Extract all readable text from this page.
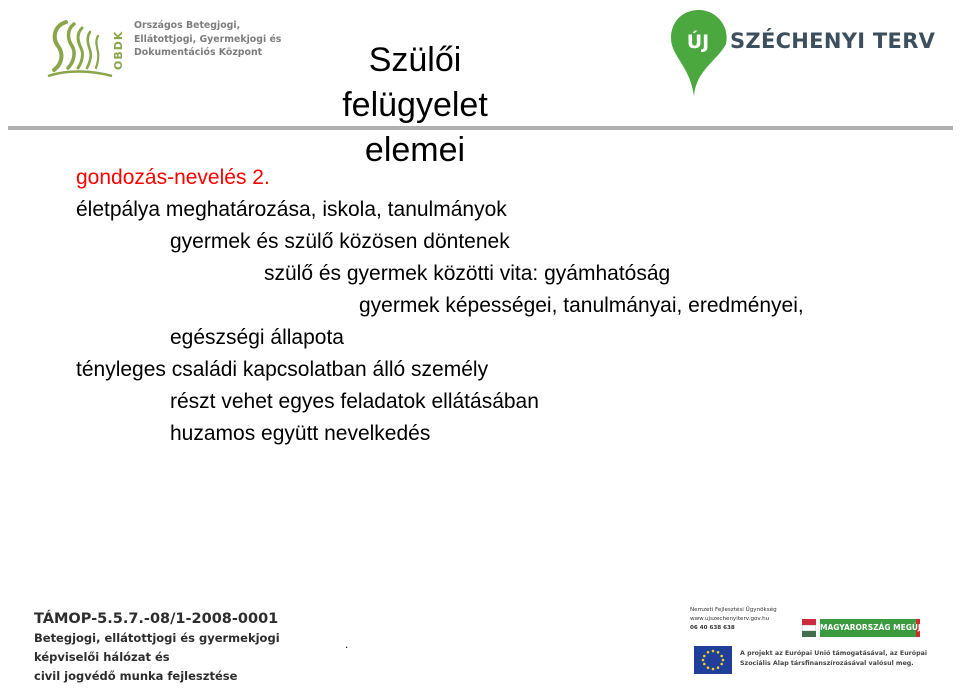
OBDK
Országos Betegjogi,
Ellátottjogi, Gyermekjogi és
Dokumentációs Központ	Szülői felügyelet
elemei
ÚJ SZÉCHENYI TERV
gondozás-nevelés 2.
életpálya meghatározása, iskola, tanulmányok
gyermek és szülő közösen döntenek
szülő és gyermek közötti vita: gyámhatóság
gyermek képességei, tanulmányai, eredményei,
egészségi állapota
tényleges családi kapcsolatban álló személy
részt vehet egyes feladatok ellátásában
huzamos együtt nevelkedés
TÁMOP-5.5.7.-08/1-2008-0001
Betegjogi, ellátottjogi és gyermekjogi
képviselői hálózat és
civil jogvédő munka fejlesztése
.
Nemzeti Fejlesztési Ügynökség
www.ujszechenyiterv.gov.hu
06 40 638 638	MAGYARORSZÁG MEGÚJUL
A projekt az Európai Unió támogatásával, az Európai
Szociális Alap társfinanszírozásával valósul meg.
